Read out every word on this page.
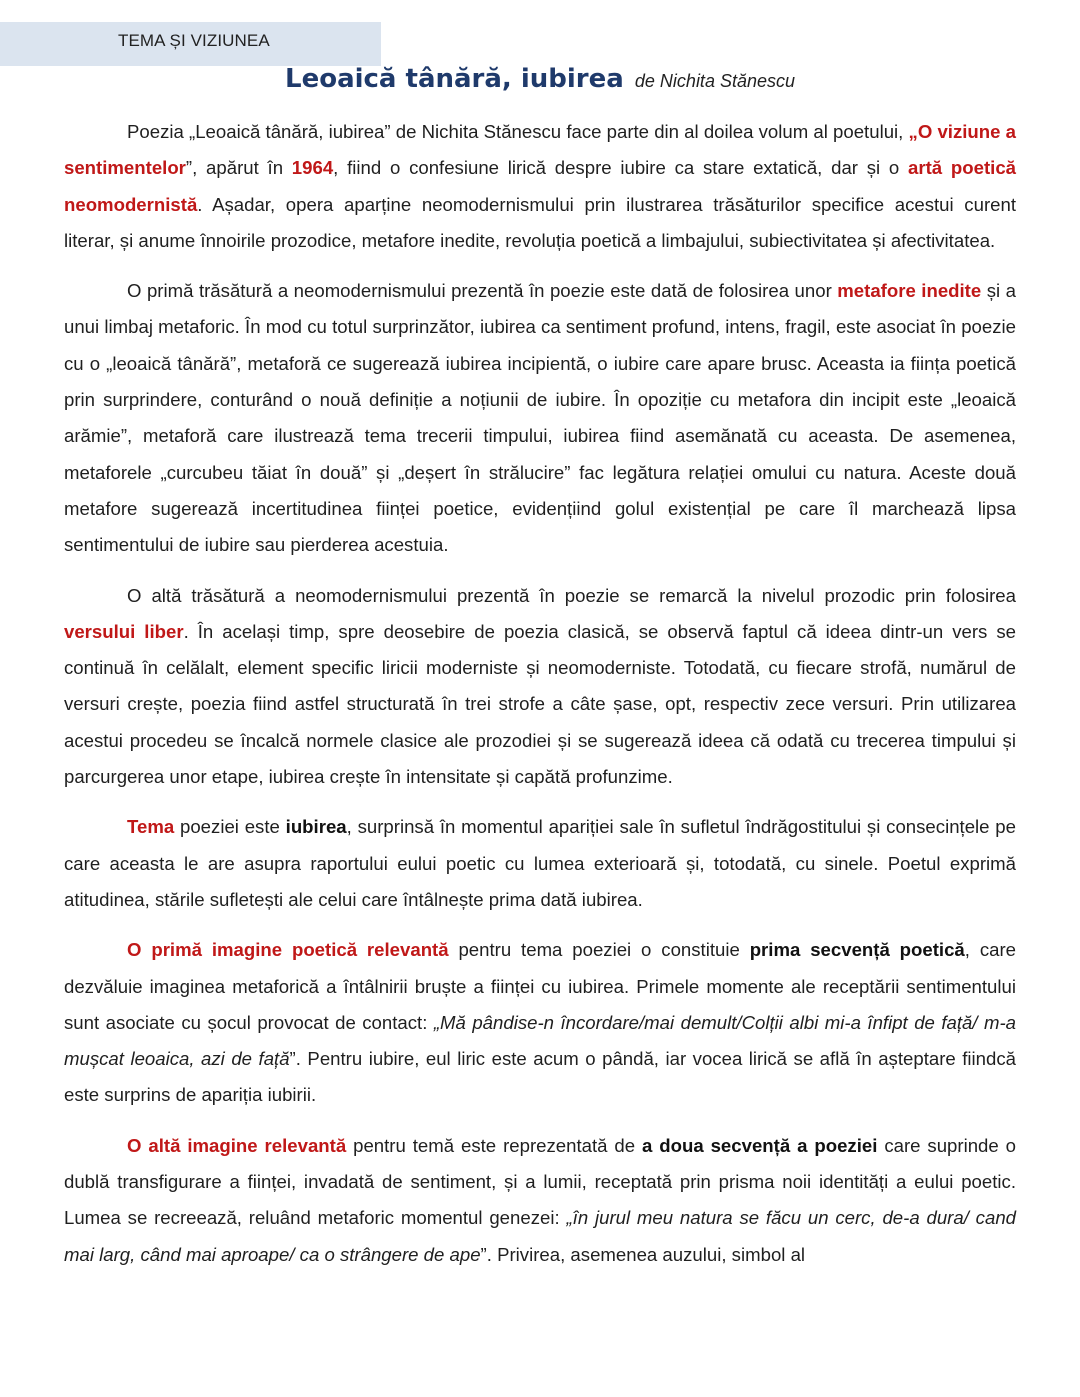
TEMA ȘI VIZIUNEA
Leoaică tânără, iubirea de Nichita Stănescu

Poezia „Leoaică tânără, iubirea” de Nichita Stănescu face parte din al doilea volum al poetului, „O viziune a sentimentelor”, apărut în 1964, fiind o confesiune lirică despre iubire ca stare extatică, dar și o artă poetică neomodernistă. Așadar, opera aparține neomodernismului prin ilustrarea trăsăturilor specifice acestui curent literar, și anume înnoirile prozodice, metafore inedite, revoluția poetică a limbajului, subiectivitatea și afectivitatea.

O primă trăsătură a neomodernismului prezentă în poezie este dată de folosirea unor metafore inedite și a unui limbaj metaforic. În mod cu totul surprinzător, iubirea ca sentiment profund, intens, fragil, este asociat în poezie cu o „leoaică tânără”, metaforă ce sugerează iubirea incipientă, o iubire care apare brusc. Aceasta ia ființa poetică prin surprindere, conturând o nouă definiție a noțiunii de iubire. În opoziție cu metafora din incipit este „leoaică arămie”, metaforă care ilustrează tema trecerii timpului, iubirea fiind asemănată cu aceasta. De asemenea, metaforele „curcubeu tăiat în două” și „deșert în strălucire” fac legătura relației omului cu natura. Aceste două metafore sugerează incertitudinea ființei poetice, evidențiind golul existențial pe care îl marchează lipsa sentimentului de iubire sau pierderea acestuia.

O altă trăsătură a neomodernismului prezentă în poezie se remarcă la nivelul prozodic prin folosirea versului liber. În același timp, spre deosebire de poezia clasică, se observă faptul că ideea dintr-un vers se continuă în celălalt, element specific liricii moderniste și neomoderniste. Totodată, cu fiecare strofă, numărul de versuri crește, poezia fiind astfel structurată în trei strofe a câte șase, opt, respectiv zece versuri. Prin utilizarea acestui procedeu se încalcă normele clasice ale prozodiei și se sugerează ideea că odată cu trecerea timpului și parcurgerea unor etape, iubirea crește în intensitate și capătă profunzime.

Tema poeziei este iubirea, surprinsă în momentul apariției sale în sufletul îndrăgostitului și consecințele pe care aceasta le are asupra raportului eului poetic cu lumea exterioară și, totodată, cu sinele. Poetul exprimă atitudinea, stările sufletești ale celui care întâlnește prima dată iubirea.

O primă imagine poetică relevantă pentru tema poeziei o constituie prima secvență poetică, care dezvăluie imaginea metaforică a întâlnirii bruște a ființei cu iubirea. Primele momente ale receptării sentimentului sunt asociate cu șocul provocat de contact: „Mă pândise-n încordare/mai demult/Colții albi mi-a înfipt de față/ m-a mușcat leoaica, azi de față”. Pentru iubire, eul liric este acum o pândă, iar vocea lirică se află în așteptare fiindcă este surprins de apariția iubirii.

O altă imagine relevantă pentru temă este reprezentată de a doua secvență a poeziei care suprinde o dublă transfigurare a ființei, invadată de sentiment, și a lumii, receptată prin prisma noii identități a eului poetic. Lumea se recreează, reluând metaforic momentul genezei: „în jurul meu natura se făcu un cerc, de-a dura/ cand mai larg, când mai aproape/ ca o strângere de ape”. Privirea, asemenea auzului, simbol al
